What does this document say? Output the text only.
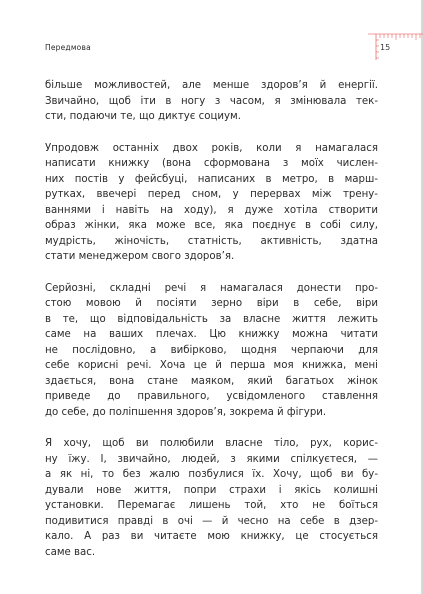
Передмова	15

більше можливостей, але менше здоров’я й енергії.
Звичайно, щоб іти в ногу з часом, я змінювала тек-
сти, подаючи те, що диктує социум.

Упродовж останніх двох років, коли я намагалася
написати книжку (вона сформована з моїх числен-
них постів у фейсбуці, написаних в метро, в марш-
рутках, ввечері перед сном, у перервах між трену-
ваннями і навіть на ходу), я дуже хотіла створити
образ жінки, яка може все, яка поєднує в собі силу,
мудрість, жіночість, статність, активність, здатна
стати менеджером свого здоров’я.

Серйозні, складні речі я намагалася донести про-
стою мовою й посіяти зерно віри в себе, віри
в те, що відповідальність за власне життя лежить
саме на ваших плечах. Цю книжку можна читати
не послідовно, а вибірково, щодня черпаючи для
себе корисні речі. Хоча це й перша моя книжка, мені
здається, вона стане маяком, який багатьох жінок
приведе до правильного, усвідомленого ставлення
до себе, до поліпшення здоров’я, зокрема й фігури.

Я хочу, щоб ви полюбили власне тіло, рух, корис-
ну їжу. І, звичайно, людей, з якими спілкуєтеся, —
а як ні, то без жалю позбулися їх. Хочу, щоб ви бу-
дували нове життя, попри страхи і якісь колишні
установки. Перемагає лишень той, хто не боїться
подивитися правді в очі — й чесно на себе в дзер-
кало. А раз ви читаєте мою книжку, це стосується
саме вас.
